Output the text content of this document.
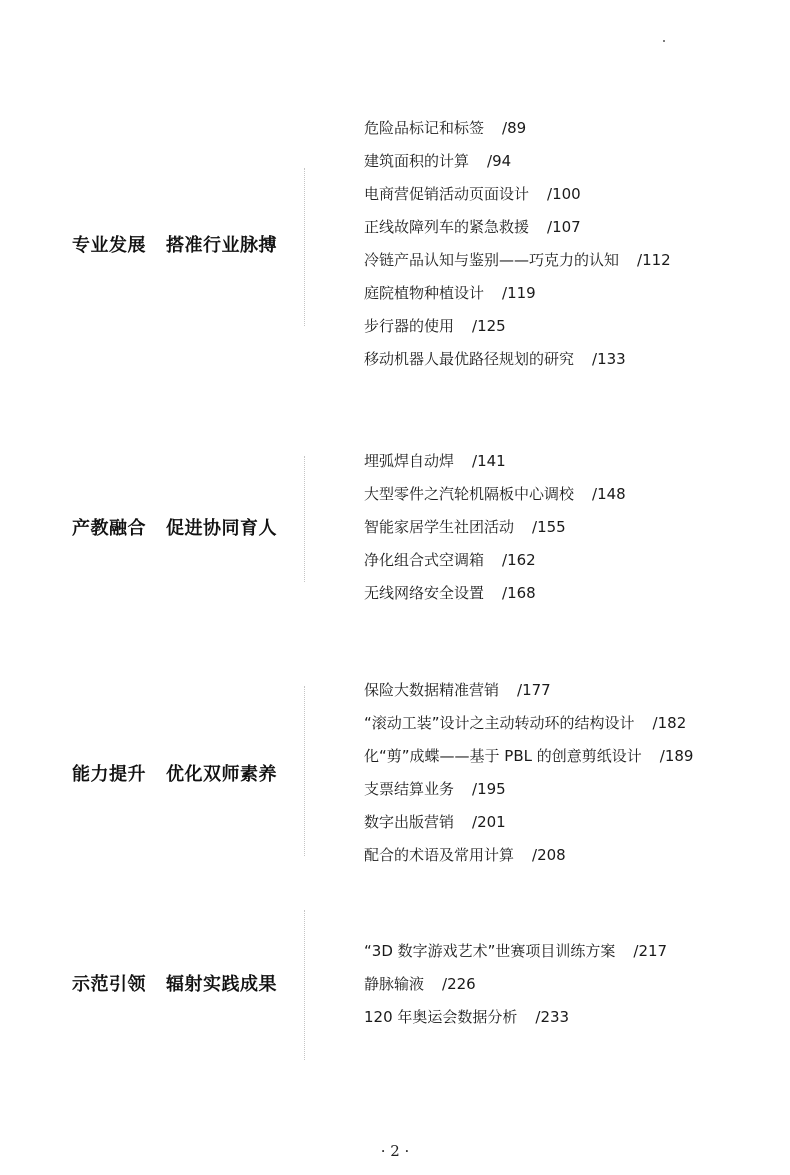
专业发展 搭准行业脉搏
危险品标记和标签 /89
建筑面积的计算 /94
电商营促销活动页面设计 /100
正线故障列车的紧急救援 /107
冷链产品认知与鉴别——巧克力的认知 /112
庭院植物种植设计 /119
步行器的使用 /125
移动机器人最优路径规划的研究 /133
产教融合 促进协同育人
埋弧焊自动焊 /141
大型零件之汽轮机隔板中心调校 /148
智能家居学生社团活动 /155
净化组合式空调箱 /162
无线网络安全设置 /168
能力提升 优化双师素养
保险大数据精准营销 /177
“滚动工装”设计之主动转动环的结构设计 /182
化“剪”成蝶——基于 PBL 的创意剪纸设计 /189
支票结算业务 /195
数字出版营销 /201
配合的术语及常用计算 /208
示范引领 辐射实践成果
“3D 数字游戏艺术”世赛项目训练方案 /217
静脉输液 /226
120 年奥运会数据分析 /233
· 2 ·
